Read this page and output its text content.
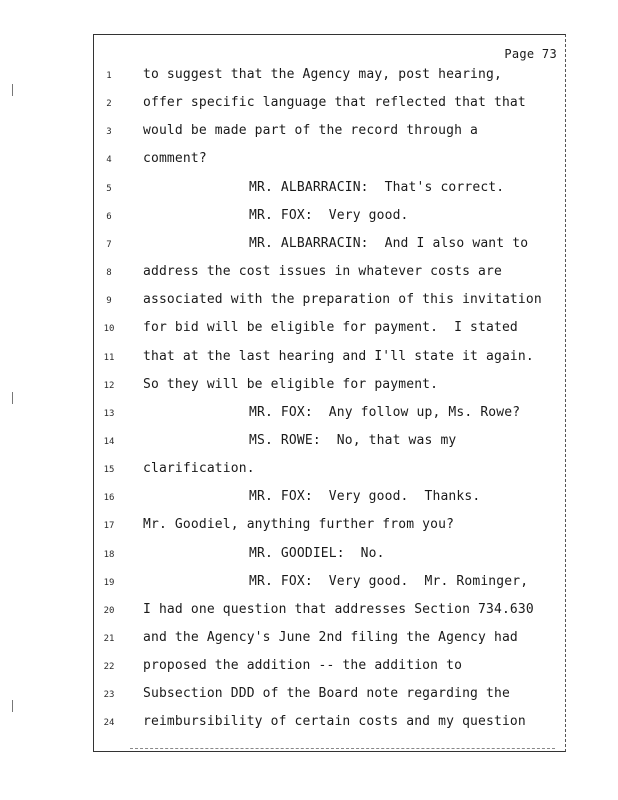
Page 73
1	to suggest that the Agency may, post hearing,
2	offer specific language that reflected that that
3	would be made part of the record through a
4	comment?
5	MR. ALBARRACIN:  That's correct.
6	MR. FOX:  Very good.
7	MR. ALBARRACIN:  And I also want to
8	address the cost issues in whatever costs are
9	associated with the preparation of this invitation
10	for bid will be eligible for payment.  I stated
11	that at the last hearing and I'll state it again.
12	So they will be eligible for payment.
13	MR. FOX:  Any follow up, Ms. Rowe?
14	MS. ROWE:  No, that was my
15	clarification.
16	MR. FOX:  Very good.  Thanks.
17	Mr. Goodiel, anything further from you?
18	MR. GOODIEL:  No.
19	MR. FOX:  Very good.  Mr. Rominger,
20	I had one question that addresses Section 734.630
21	and the Agency's June 2nd filing the Agency had
22	proposed the addition -- the addition to
23	Subsection DDD of the Board note regarding the
24	reimbursibility of certain costs and my question
